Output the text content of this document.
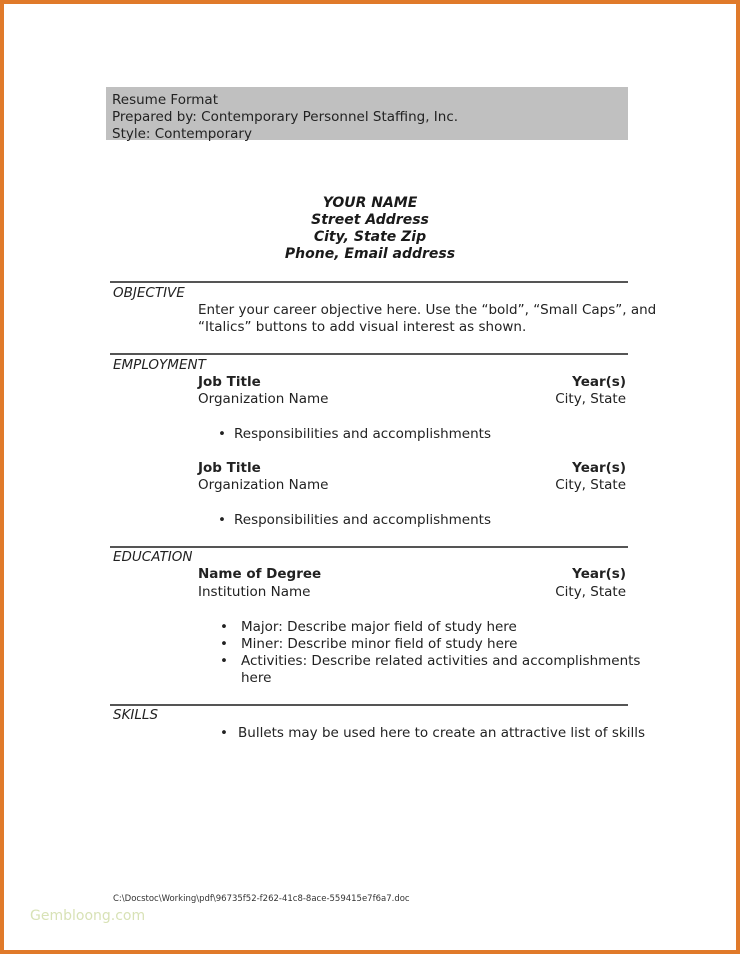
Resume Format
Prepared by: Contemporary Personnel Staffing, Inc.
Style: Contemporary
YOUR NAME
Street Address
City, State Zip
Phone, Email address
OBJECTIVE
Enter your career objective here. Use the “bold”, “Small Caps”, and
“Italics” buttons to add visual interest as shown.
EMPLOYMENT
Job Title	Year(s)
Organization Name	City, State
• Responsibilities and accomplishments
Job Title	Year(s)
Organization Name	City, State
• Responsibilities and accomplishments
EDUCATION
Name of Degree	Year(s)
Institution Name	City, State
• Major: Describe major field of study here
• Miner: Describe minor field of study here
• Activities: Describe related activities and accomplishments
here
SKILLS
• Bullets may be used here to create an attractive list of skills
C:\Docstoc\Working\pdf\96735f52-f262-41c8-8ace-559415e7f6a7.doc
Gembloong.com
